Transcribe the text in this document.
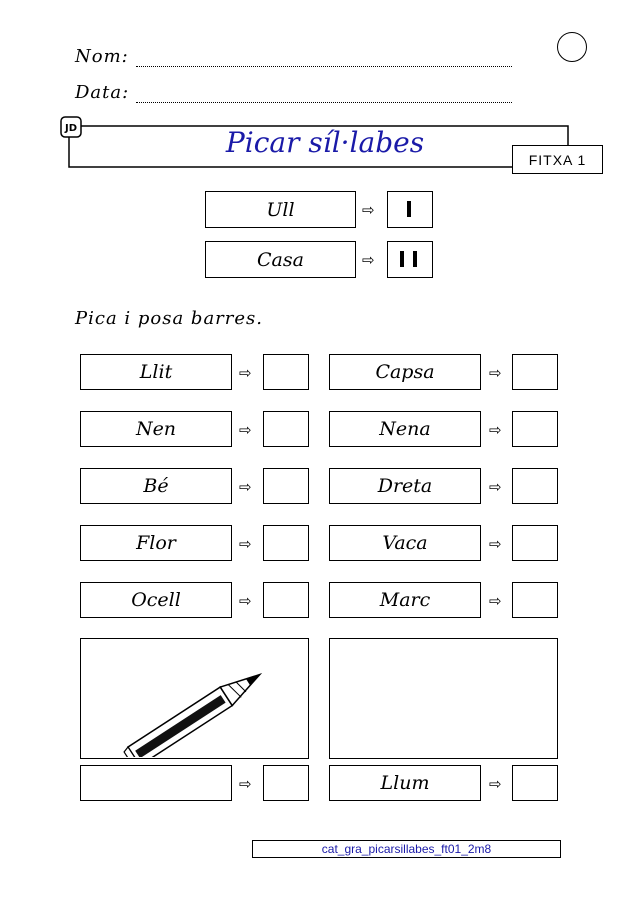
Nom:
Data:
JD	Picar síl·labes
FITXA 1
Ull	⇨
Casa	⇨
Pica i posa barres.
Llit	⇨
Nen	⇨
Bé	⇨
Flor	⇨
Ocell	⇨
Capsa	⇨
Nena	⇨
Dreta	⇨
Vaca	⇨
Marc	⇨
⇨	Llum	⇨
cat_gra_picarsillabes_ft01_2m8
